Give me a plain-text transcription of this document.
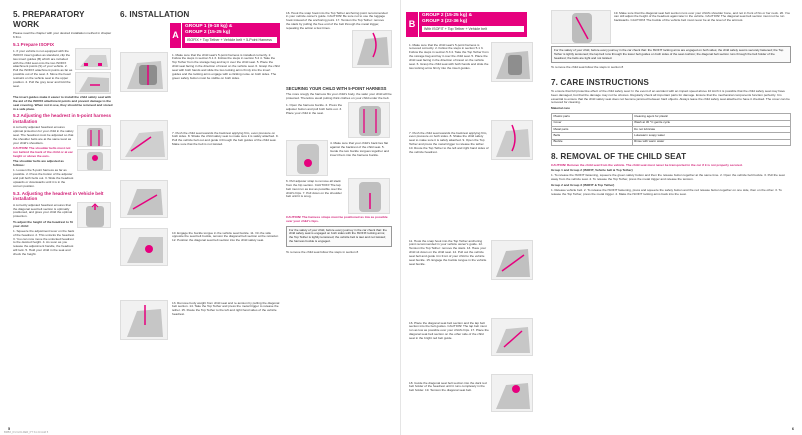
5. PREPARATORY WORK
Please read the chapter with your desired installation method in chapter 6 first.
5.1 Prepare ISOFIX
1. If your vehicle is not equipped with the ISOFIX insert guides as standard, clip the two insert guides (B) which are included with the child seat onto the two ISOFIX attachment points (S) of your vehicle. 2. Pull the ISOFIX attachment points as far as possible out of the seat. 3. Move the head restraint on the vehicle seat to the upper position. 4. Pull the grey lever and fold the seat.
The insert guides make it easier to install the child safety seat with the aid of the ISOFIX attachment points and prevent damage to the seat covering. When not in use, they should be removed and stored in a safe place.
5.2 Adjusting the headrest in 5-point harness installation
A correctly adjusted headrest ensures optimal protection for your child in the safety seat. The headrest must be adjusted so that the shoulder belts are at the same level as your child's shoulders.
CAUTION! The shoulder belts must not run behind the back of the child or at ear height or above the ears.
The shoulder belts are adjusted as follows:
1. Loosen the 5-point harness as far as possible. 2. Press the button of the adjuster and pull both belts out. 3. Slide the headrest upwards or downwards until it is in the correct position.
5.3. Adjusting the headrest in Vehicle belt installation
A correctly adjusted headrest ensures that the diagonal seat belt section is optimally positioned, and gives your child the optimal protection.
To adjust the height of the headrest to fit your child:
1. Squeeze the adjustment lever on the back of the headrest. 2. This unlocks the headrest. 3. You can now move the unlocked headrest to the desired height. 4. As soon as you release the adjustment handle, the headrest will lock. 5. Hold your child in the seat and check the height.
6. INSTALLATION
A
GROUP 1 (9-18 kg) &
GROUP 2 (15-25 kg)
ISOFIX + Top Tether + Vehicle belt + 5-Point Harness
1. Make sure that the child seat's 5-point harness is installed correctly. 2. Follow the steps in section 5.1 3. Follow the steps in section 5.2 4. Take the Top Tether from the storage bag and lay it over the child seat. 5. Place the child seat facing in the direction of travel on the vehicle seat. 6. Grasp the child seat with both hands and slide the two locking arms firmly into the insert guides and the locking arms engage with a clicking noise on both sides. The green safety button must be visible on both sides.
7. Push the child seat towards the backrest applying firm, even pressure on both sides. 8. Shake the child safety seat to make sure it is safely attached. 9. Pull the vehicle belt out and guide it through the belt guides of the child seat. Make sure that the belt is not twisted.
10. Engage the buckle tongue in the vehicle seat buckle. 11. On the side opposite the seat belt buckle, tension the diagonal belt section at the retractor. 12. Position the diagonal seat belt section into the child safety seat.
13. Remove body weight from child seat and re-tension by pulling the diagonal belt section. 14. Take the Top Tether and press the metal trigger to release the tether. 15. Route the Top Tether to the left and right hand sides of the vehicle headrest.
16. Hook the snap hook into the Top Tether anchoring point recommended in your vehicle owner's guide. CAUTION! Be sure not to use the luggage hook instead of the anchoring point. 17. Tension the Top Tether: remove the slack by pulling the free end of the belt through the metal trigger, repeating the action a few times.
SECURING YOUR CHILD WITH 5-POINT HARNESS
The more snugly the harness fits your child's body, the safer your child will be protected. Therefore avoid putting thick clothes on your child under the belt.
1. Open the harness buckle. 2. Press the adjuster button and pull both belts out. 3. Place your child in the seat.
4. Make sure that your child's back lies flat against the backrest of the child seat. 5. Guide the two buckle tongues together and insert them into the harness buckle.
6. Pull adjuster strap to remove all slack from the hip section. CAUTION! The lap belt must run as low as possible over the child's hips. 7. Pull down on the shoulder belt until it is snug.
CAUTION! The harness straps must be positioned as low as possible over your child's hips.
For the safety of your child, before every journey in the car check that: the child safety seat is engaged on both sides with the ISOFIX locking arms; the Top Tether is tightly tensioned; the vehicle belt is taut and not twisted; the harness buckle is engaged.
To remove the child seat follow the steps in section 8
5
B
GROUP 2 (15-25 kg) &
GROUP 3 (22-36 kg)
With ISOFIT + Top Tether + Vehicle belt
1. Make sure that the child seat's 5-point harness is removed correctly. 2. Follow the steps in section 5.1 3. Follow the steps in section 5.3 4. Take the Top Tether from the storage bag and lay it over the child seat. 5. Place the child seat facing in the direction of travel on the vehicle seat. 6. Grasp the child seat with both hands and slide the two locking arms firmly into the insert guides.
7. Push the child seat towards the backrest applying firm, even pressure on both sides. 8. Shake the child safety seat to make sure it is safely attached. 9. Open the Top Tether and press the metal trigger to release the tether. 10. Route the Top Tether to the left and right hand sides of the vehicle headrest.
11. Hook the snap hook into the Top Tether anchoring point recommended in your vehicle owner's guide. 12. Tension the Top Tether: remove the slack. 13. Have your child sit down on the child seat. 14. Pull out the vehicle seat belt and guide it in front of your child to the vehicle seat buckle. 15. Engage the buckle tongue in the vehicle seat buckle.
16. Place the diagonal seat belt section and the lap belt section into the belt guides. CAUTION! The lap belt must run as low as possible over your child's hips. 17. Place the diagonal seat belt section on the other side of the child seat in the bright red belt guide.
18. Guide the diagonal seat belt section into the dark red belt holder of the headrest until it runs completely in the belt holder. 19. Tension the diagonal seat belt.
19. Make sure that the diagonal seat belt section runs over your child's shoulder bone, and not in front of his or her neck. 20. You can still adjust the height of the headrest again later in the vehicle. CAUTION! The diagonal seat belt section must not be run backwards. CAUTION! The buckle of the vehicle belt must never be at the level of the armrest.
For the safety of your child, before every journey in the car check that: the ISOFIT locking arms are engaged on both sides; the child safety seat is securely fastened; the Top Tether is tightly tensioned; the lap belt runs through the lower belt guides on both sides of the seat cushion; the diagonal belt section runs through the belt holder of the headrest; the belts are tight and not twisted.
To remove the child seat follow the steps in section 8
7. CARE INSTRUCTIONS
To ensure that full protective effect of the child safety seat: In the event of an accident with an impact speed above 10 km/h it is possible that the child safety seat may have been damaged, but that the damage may not be obvious. Regularly check all important parts for damage. Ensure that the mechanical components function perfectly. It is essential to ensure that the child safety seat does not become jammed between hard objects. Always leave the child safety seat attached to have it checked. The cover can be removed for cleaning.
Material care
Plastic parts	Cleaning agent for plastic
Cover	Wash at 30 °C gentle cycle
Metal parts	Do not lubricate
Belts	Lukewarm soapy water
Buckle	Rinse with warm water
8. REMOVAL OF THE CHILD SEAT
CAUTION! Remove the child seat from the vehicle. The child seat must never be transported in the car if it is not properly secured.
Group 1 and Group 2 (ISOFIT, Vehicle belt & Top Tether)
1. To release the ISOFIT fastening, squeeze the green safety button and then the release button together at the same time. 2. Open the vehicle belt buckle. 3. Pull the seat away from the vehicle seat. 4. To release the Top Tether, press the metal trigger and release the tension.
Group 2 and Group 3 (ISOFIT & Top Tether)
1. Release vehicle belt. 2. To release the ISOFIT fastening, press and squeeze the safety button and the red release button together on one side, then on the other. 3. To release the Top Tether, press the metal trigger. 4. Make the ISOFIT locking arms back into the seat.
6
BRBX_IFU HOLDER_PT S1 23.indd 5
